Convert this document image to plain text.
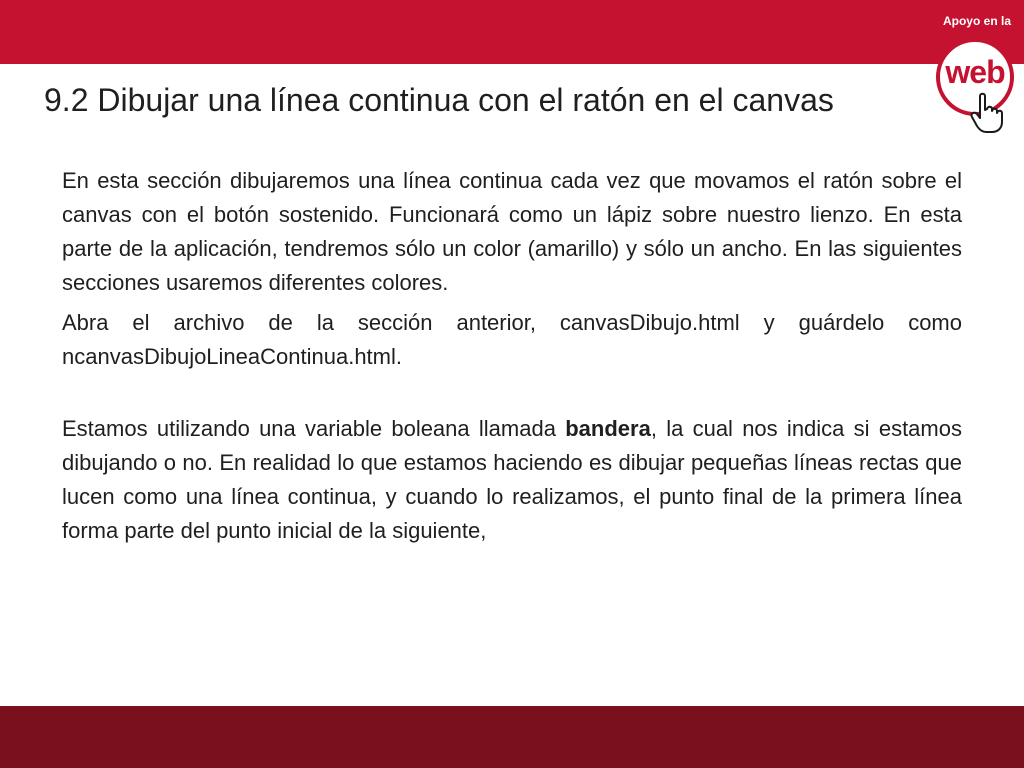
Apoyo en la
web
9.2 Dibujar una línea continua con el ratón en el canvas

En esta sección dibujaremos una línea continua cada vez que movamos el ratón sobre el canvas con el botón sostenido. Funcionará como un lápiz sobre nuestro lienzo. En esta parte de la aplicación, tendremos sólo un color (amarillo) y sólo un ancho. En las siguientes secciones usaremos diferentes colores.

Abra el archivo de la sección anterior, canvasDibujo.html y guárdelo como ncanvasDibujoLineaContinua.html.

Estamos utilizando una variable boleana llamada bandera, la cual nos indica si estamos dibujando o no. En realidad lo que estamos haciendo es dibujar pequeñas líneas rectas que lucen como una línea continua, y cuando lo realizamos, el punto final de la primera línea forma parte del punto inicial de la siguiente,
